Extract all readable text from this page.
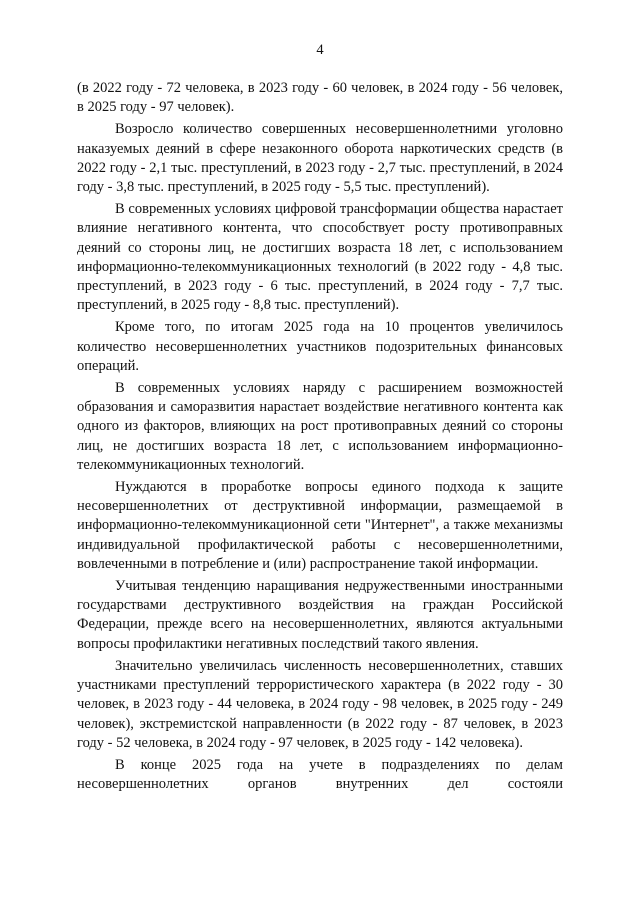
4

(в 2022 году - 72 человека, в 2023 году - 60 человек, в 2024 году - 56 человек, в 2025 году - 97 человек).

Возросло количество совершенных несовершеннолетними уголовно наказуемых деяний в сфере незаконного оборота наркотических средств (в 2022 году - 2,1 тыс. преступлений, в 2023 году - 2,7 тыс. преступлений, в 2024 году - 3,8 тыс. преступлений, в 2025 году - 5,5 тыс. преступлений).

В современных условиях цифровой трансформации общества нарастает влияние негативного контента, что способствует росту противоправных деяний со стороны лиц, не достигших возраста 18 лет, с использованием информационно-телекоммуникационных технологий (в 2022 году - 4,8 тыс. преступлений, в 2023 году - 6 тыс. преступлений, в 2024 году - 7,7 тыс. преступлений, в 2025 году - 8,8 тыс. преступлений).

Кроме того, по итогам 2025 года на 10 процентов увеличилось количество несовершеннолетних участников подозрительных финансовых операций.

В современных условиях наряду с расширением возможностей образования и саморазвития нарастает воздействие негативного контента как одного из факторов, влияющих на рост противоправных деяний со стороны лиц, не достигших возраста 18 лет, с использованием информационно-телекоммуникационных технологий.

Нуждаются в проработке вопросы единого подхода к защите несовершеннолетних от деструктивной информации, размещаемой в информационно-телекоммуникационной сети "Интернет", а также механизмы индивидуальной профилактической работы с несовершеннолетними, вовлеченными в потребление и (или) распространение такой информации.

Учитывая тенденцию наращивания недружественными иностранными государствами деструктивного воздействия на граждан Российской Федерации, прежде всего на несовершеннолетних, являются актуальными вопросы профилактики негативных последствий такого явления.

Значительно увеличилась численность несовершеннолетних, ставших участниками преступлений террористического характера (в 2022 году - 30 человек, в 2023 году - 44 человека, в 2024 году - 98 человек, в 2025 году - 249 человек), экстремистской направленности (в 2022 году - 87 человек, в 2023 году - 52 человека, в 2024 году - 97 человек, в 2025 году - 142 человека).

В конце 2025 года на учете в подразделениях по делам несовершеннолетних органов внутренних дел состояли
